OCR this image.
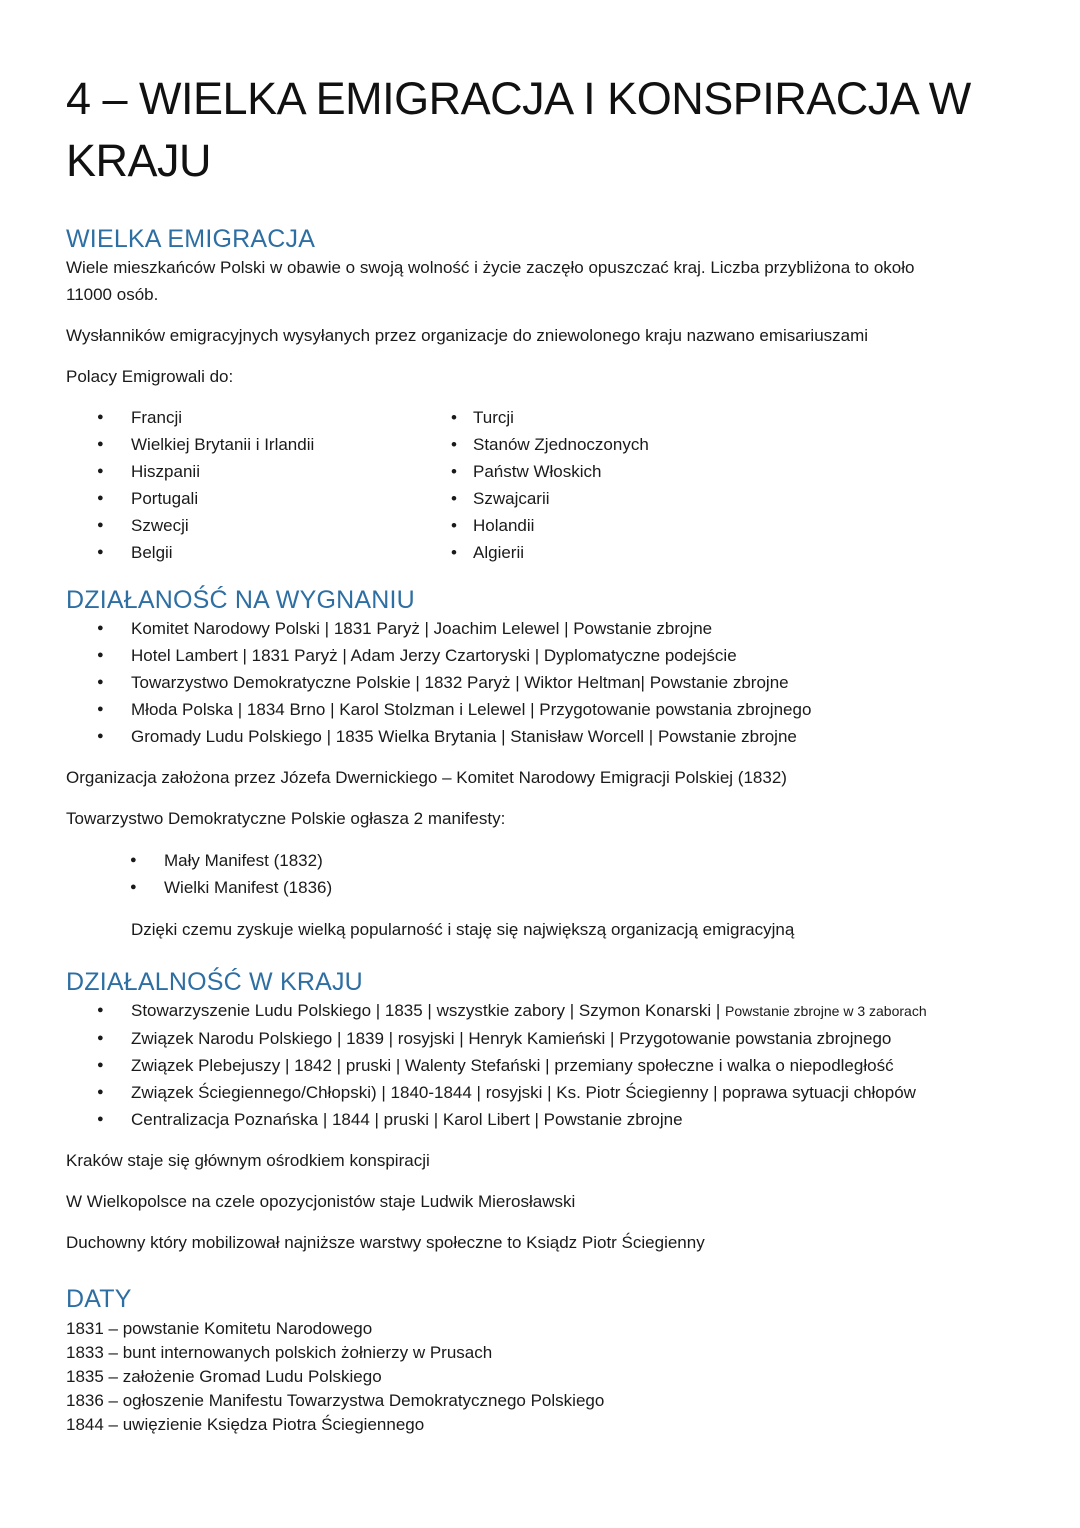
4 – WIELKA EMIGRACJA I KONSPIRACJA W
KRAJU
WIELKA EMIGRACJA
Wiele mieszkańców Polski w obawie o swoją wolność i życie zaczęło opuszczać kraj. Liczba przybliżona to około
11000 osób.
Wysłanników emigracyjnych wysyłanych przez organizacje do zniewolonego kraju nazwano emisariuszami
Polacy Emigrowali do:
● Francji
● Wielkiej Brytanii i Irlandii
● Hiszpanii
● Portugali
● Szwecji
● Belgii
• Turcji
• Stanów Zjednoczonych
• Państw Włoskich
• Szwajcarii
• Holandii
• Algierii
DZIAŁANOŚĆ NA WYGNANIU
● Komitet Narodowy Polski | 1831 Paryż | Joachim Lelewel | Powstanie zbrojne
● Hotel Lambert | 1831 Paryż | Adam Jerzy Czartoryski | Dyplomatyczne podejście
● Towarzystwo Demokratyczne Polskie | 1832 Paryż | Wiktor Heltman| Powstanie zbrojne
● Młoda Polska | 1834 Brno | Karol Stolzman i Lelewel | Przygotowanie powstania zbrojnego
● Gromady Ludu Polskiego | 1835 Wielka Brytania | Stanisław Worcell | Powstanie zbrojne
Organizacja założona przez Józefa Dwernickiego – Komitet Narodowy Emigracji Polskiej (1832)
Towarzystwo Demokratyczne Polskie ogłasza 2 manifesty:
● Mały Manifest (1832)
● Wielki Manifest (1836)
Dzięki czemu zyskuje wielką popularność i staję się największą organizacją emigracyjną
DZIAŁALNOŚĆ W KRAJU
● Stowarzyszenie Ludu Polskiego | 1835 | wszystkie zabory | Szymon Konarski | Powstanie zbrojne w 3 zaborach
● Związek Narodu Polskiego | 1839 | rosyjski | Henryk Kamieński | Przygotowanie powstania zbrojnego
● Związek Plebejuszy | 1842 | pruski | Walenty Stefański | przemiany społeczne i walka o niepodległość
● Związek Ściegiennego/Chłopski) | 1840-1844 | rosyjski | Ks. Piotr Ściegienny | poprawa sytuacji chłopów
● Centralizacja Poznańska | 1844 | pruski | Karol Libert | Powstanie zbrojne
Kraków staje się głównym ośrodkiem konspiracji
W Wielkopolsce na czele opozycjonistów staje Ludwik Mierosławski
Duchowny który mobilizował najniższe warstwy społeczne to Ksiądz Piotr Ściegienny
DATY
1831 – powstanie Komitetu Narodowego
1833 – bunt internowanych polskich żołnierzy w Prusach
1835 – założenie Gromad Ludu Polskiego
1836 – ogłoszenie Manifestu Towarzystwa Demokratycznego Polskiego
1844 – uwięzienie Księdza Piotra Ściegiennego
